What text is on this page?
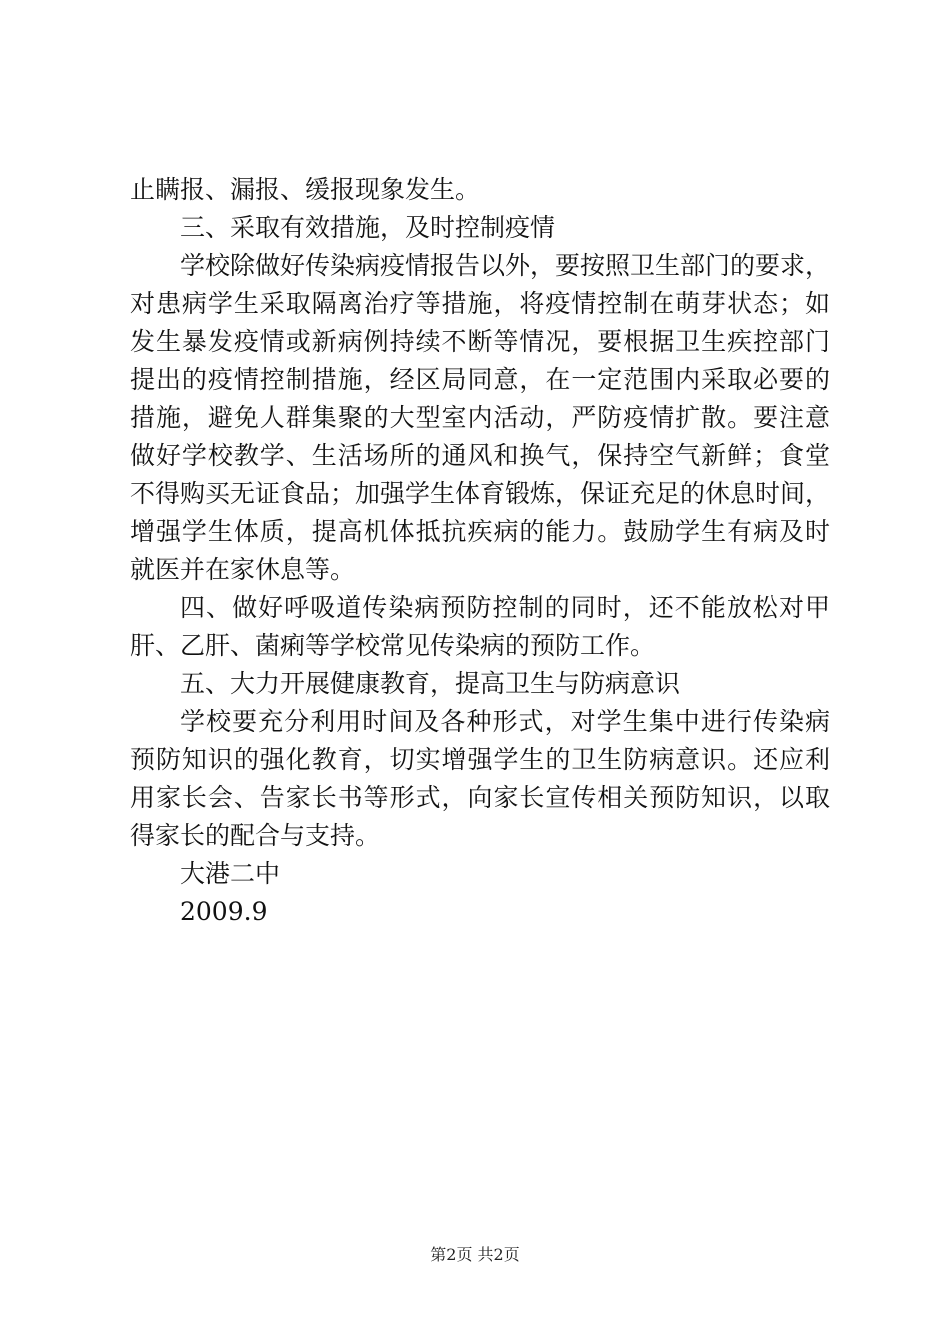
止瞒报、漏报、缓报现象发生。
三、采取有效措施，及时控制疫情
学校除做好传染病疫情报告以外，要按照卫生部门的要求，
对患病学生采取隔离治疗等措施，将疫情控制在萌芽状态；如
发生暴发疫情或新病例持续不断等情况，要根据卫生疾控部门
提出的疫情控制措施，经区局同意，在一定范围内采取必要的
措施，避免人群集聚的大型室内活动，严防疫情扩散。要注意
做好学校教学、生活场所的通风和换气，保持空气新鲜；食堂
不得购买无证食品；加强学生体育锻炼，保证充足的休息时间，
增强学生体质，提高机体抵抗疾病的能力。鼓励学生有病及时
就医并在家休息等。
四、做好呼吸道传染病预防控制的同时，还不能放松对甲
肝、乙肝、菌痢等学校常见传染病的预防工作。
五、大力开展健康教育，提高卫生与防病意识
学校要充分利用时间及各种形式，对学生集中进行传染病
预防知识的强化教育，切实增强学生的卫生防病意识。还应利
用家长会、告家长书等形式，向家长宣传相关预防知识，以取
得家长的配合与支持。
大港二中
2009.9
第2页 共2页
